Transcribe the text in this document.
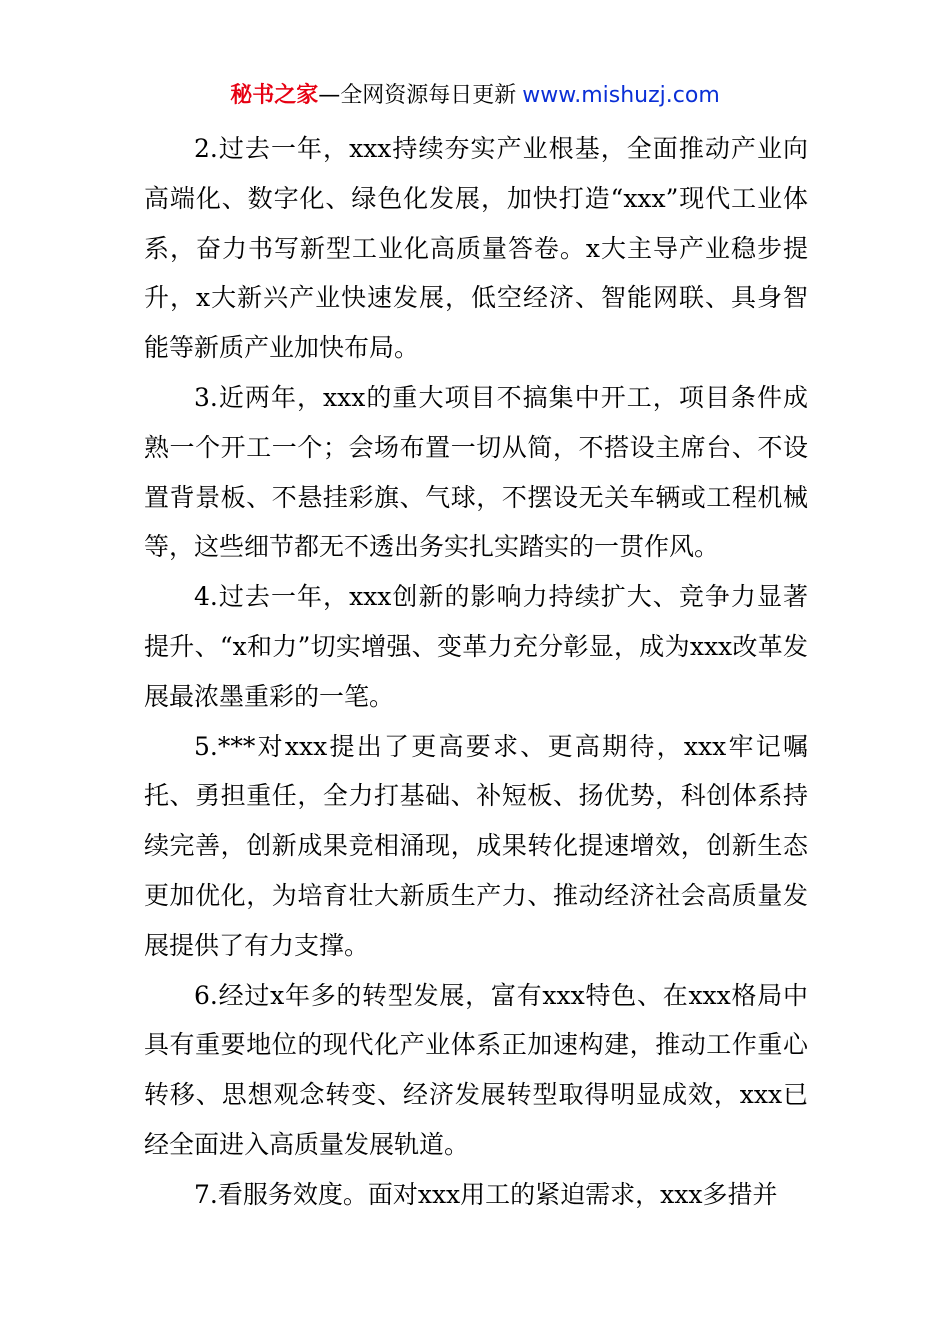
秘书之家—全网资源每日更新 www.mishuzj.com

2.过去一年，xxx持续夯实产业根基，全面推动产业向高端化、数字化、绿色化发展，加快打造“xxx”现代工业体系，奋力书写新型工业化高质量答卷。x大主导产业稳步提升，x大新兴产业快速发展，低空经济、智能网联、具身智能等新质产业加快布局。

3.近两年，xxx的重大项目不搞集中开工，项目条件成熟一个开工一个；会场布置一切从简，不搭设主席台、不设置背景板、不悬挂彩旗、气球，不摆设无关车辆或工程机械等，这些细节都无不透出务实扎实踏实的一贯作风。

4.过去一年，xxx创新的影响力持续扩大、竞争力显著提升、“x和力”切实增强、变革力充分彰显，成为xxx改革发展最浓墨重彩的一笔。

5.***对xxx提出了更高要求、更高期待，xxx牢记嘱托、勇担重任，全力打基础、补短板、扬优势，科创体系持续完善，创新成果竞相涌现，成果转化提速增效，创新生态更加优化，为培育壮大新质生产力、推动经济社会高质量发展提供了有力支撑。

6.经过x年多的转型发展，富有xxx特色、在xxx格局中具有重要地位的现代化产业体系正加速构建，推动工作重心转移、思想观念转变、经济发展转型取得明显成效，xxx已经全面进入高质量发展轨道。

7.看服务效度。面对xxx用工的紧迫需求，xxx多措并
